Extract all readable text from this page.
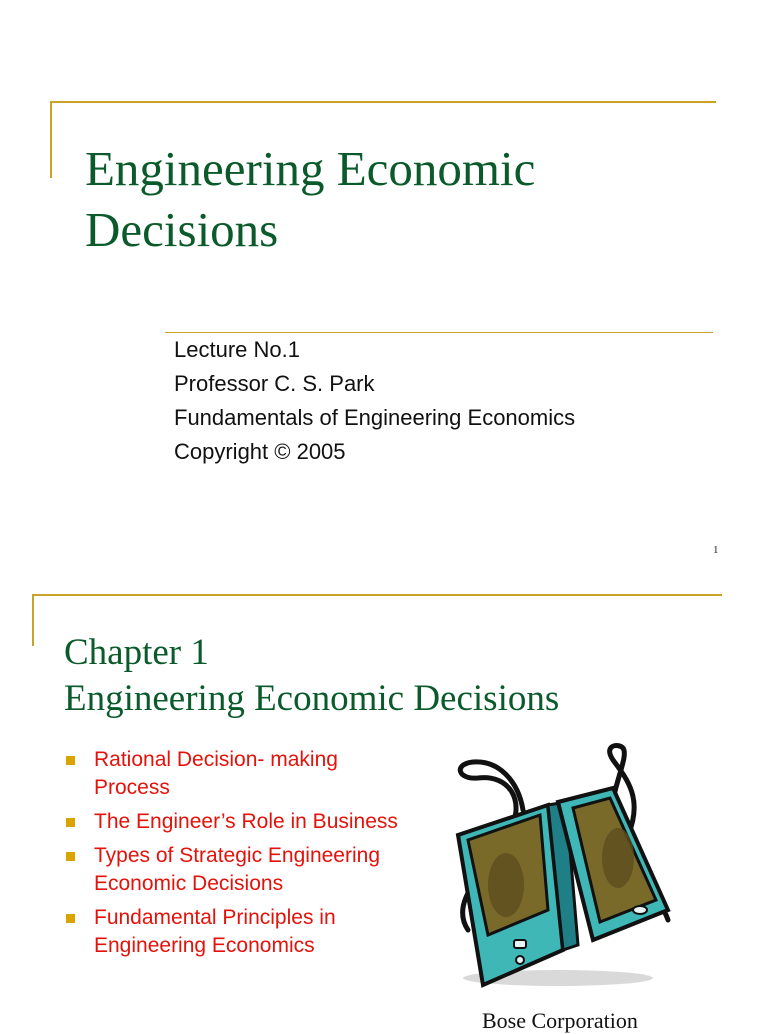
Engineering Economic
Decisions
Lecture No.1
Professor C. S. Park
Fundamentals of Engineering Economics
Copyright © 2005
1
Chapter 1
Engineering Economic Decisions
Rational Decision- making Process
The Engineer’s Role in Business
Types of Strategic Engineering Economic Decisions
Fundamental Principles in Engineering Economics
Bose Corporation
